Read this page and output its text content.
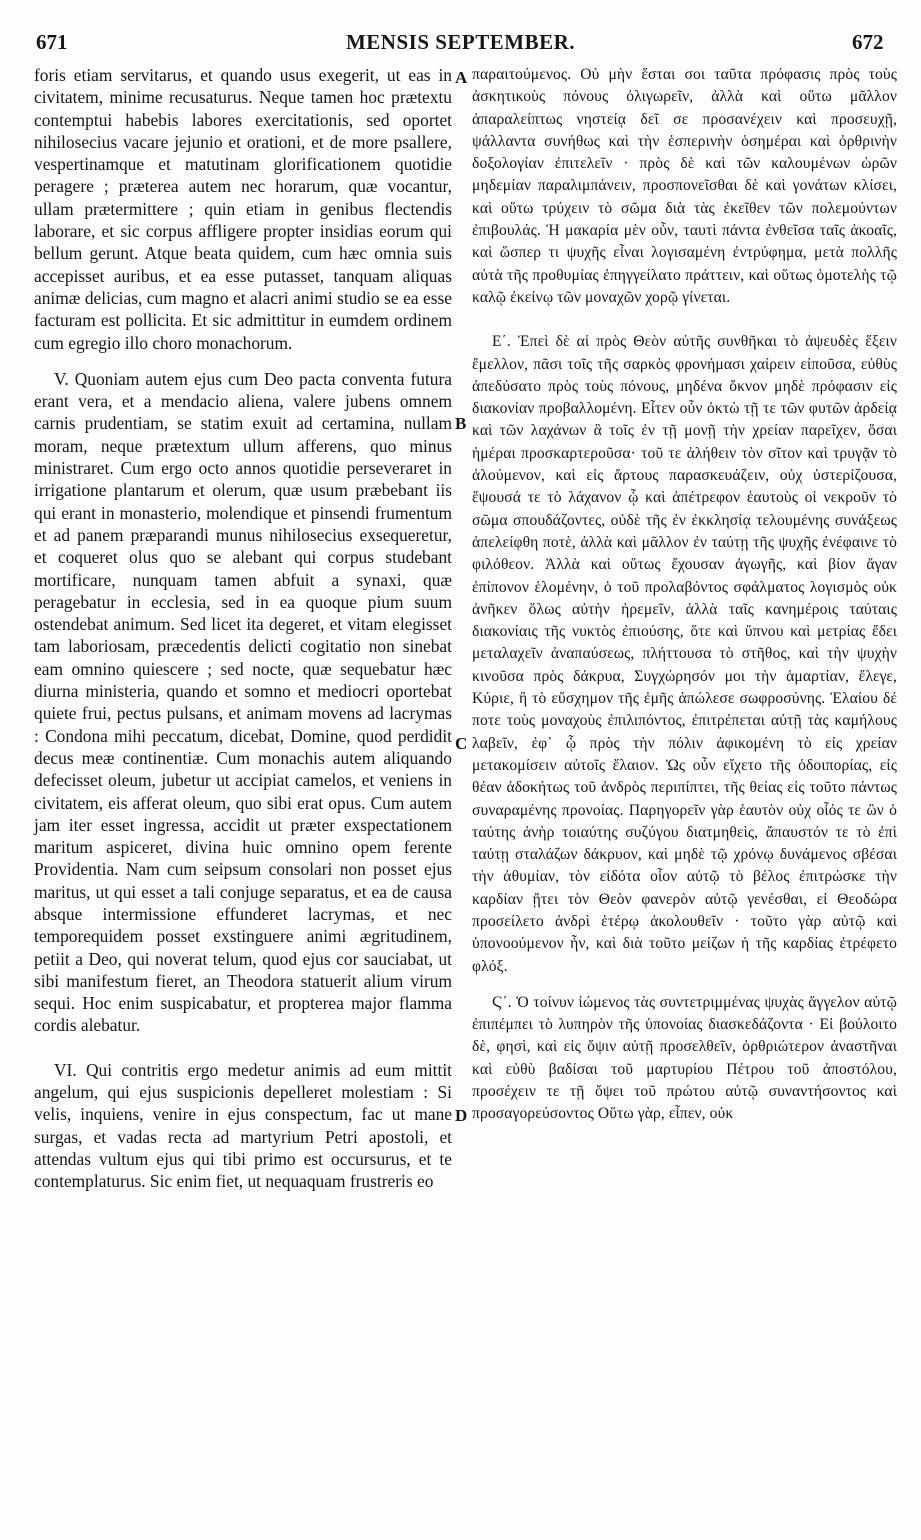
671	MENSIS SEPTEMBER.	672

foris etiam servitarus, et quando usus exegerit, ut eas in civitatem, minime recusaturus. Neque tamen hoc prætextu contemptui habebis labores exercitationis, sed oportet nihilosecius vacare jejunio et orationi, et de more psallere, vespertinamque et matutinam glorificationem quotidie peragere ; præterea autem nec horarum, quæ vocantur, ullam prætermittere ; quin etiam in genibus flectendis laborare, et sic corpus affligere propter insidias eorum qui bellum gerunt. Atque beata quidem, cum hæc omnia suis accepisset auribus, et ea esse putasset, tanquam aliquas animæ delicias, cum magno et alacri animi studio se ea esse facturam est pollicita. Et sic admittitur in eumdem ordinem cum egregio illo choro monachorum.

V. Quoniam autem ejus cum Deo pacta conventa futura erant vera, et a mendacio aliena, valere jubens omnem carnis prudentiam, se statim exuit ad certamina, nullam moram, neque prætextum ullum afferens, quo minus ministraret. Cum ergo octo annos quotidie perseveraret in irrigatione plantarum et olerum, quæ usum præbebant iis qui erant in monasterio, molendique et pinsendi frumentum et ad panem præparandi munus nihilosecius exsequeretur, et coqueret olus quo se alebant qui corpus studebant mortificare, nunquam tamen abfuit a synaxi, quæ peragebatur in ecclesia, sed in ea quoque pium suum ostendebat animum. Sed licet ita degeret, et vitam elegisset tam laboriosam, præcedentis delicti cogitatio non sinebat eam omnino quiescere ; sed nocte, quæ sequebatur hæc diurna ministeria, quando et somno et mediocri oportebat quiete frui, pectus pulsans, et animam movens ad lacrymas : Condona mihi peccatum, dicebat, Domine, quod perdidit decus meæ continentiæ. Cum monachis autem aliquando defecisset oleum, jubetur ut accipiat camelos, et veniens in civitatem, eis afferat oleum, quo sibi erat opus. Cum autem jam iter esset ingressa, accidit ut præter exspectationem maritum aspiceret, divina huic omnino opem ferente Providentia. Nam cum seipsum consolari non posset ejus maritus, ut qui esset a tali conjuge separatus, et ea de causa absque intermissione effunderet lacrymas, et nec temporequidem posset exstinguere animi ægritudinem, petiit a Deo, qui noverat telum, quod ejus cor sauciabat, ut sibi manifestum fieret, an Theodora statuerit alium virum sequi. Hoc enim suspicabatur, et propterea major flamma cordis alebatur.

VI. Qui contritis ergo medetur animis ad eum mittit angelum, qui ejus suspicionis depelleret molestiam : Si velis, inquiens, venire in ejus conspectum, fac ut mane surgas, et vadas recta ad martyrium Petri apostoli, et attendas vultum ejus qui tibi primo est occursurus, et te contemplaturus. Sic enim fiet, ut nequaquam frustreris eo

A
B
C
D

παραιτούμενος. Οὐ μὴν ἔσται σοι ταῦτα πρόφασις πρὸς τοὺς ἀσκητικοὺς πόνους ὀλιγωρεῖν, ἀλλὰ καὶ οὕτω μᾶλλον ἀπαραλείπτως νηστείᾳ δεῖ σε προσανέχειν καὶ προσευχῇ, ψάλλαντα συνήθως καὶ τὴν ἑσπερινὴν ὁσημέραι καὶ ὀρθρινὴν δοξολογίαν ἐπιτελεῖν · πρὸς δὲ καὶ τῶν καλουμένων ὡρῶν μηδεμίαν παραλιμπάνειν, προσπονεῖσθαι δὲ καὶ γονάτων κλίσει, καὶ οὕτω τρύχειν τὸ σῶμα διὰ τὰς ἐκεῖθεν τῶν πολεμούντων ἐπιβουλάς. Ἡ μακαρία μὲν οὖν, ταυτὶ πάντα ἐνθεῖσα ταῖς ἀκοαῖς, καὶ ὥσπερ τι ψυχῆς εἶναι λογισαμένη ἐντρύφημα, μετὰ πολλῆς αὐτὰ τῆς προθυμίας ἐπηγγείλατο πράττειν, καὶ οὕτως ὁμοτελὴς τῷ καλῷ ἐκείνῳ τῶν μοναχῶν χορῷ γίνεται.

Ε΄. Ἐπεὶ δὲ αἱ πρὸς Θεὸν αὐτῆς συνθῆκαι τὸ ἀψευδὲς ἕξειν ἔμελλον, πᾶσι τοῖς τῆς σαρκὸς φρονήμασι χαίρειν εἰποῦσα, εὐθὺς ἀπεδύσατο πρὸς τοὺς πόνους, μηδένα ὄκνον μηδὲ πρόφασιν εἰς διακονίαν προβαλλομένη. Εἶτεν οὖν ὀκτὼ τῇ τε τῶν φυτῶν ἀρδείᾳ καὶ τῶν λαχάνων ἃ τοῖς ἐν τῇ μονῇ τὴν χρείαν παρεῖχεν, ὅσαι ἡμέραι προσκαρτεροῦσα· τοῦ τε ἀλήθειν τὸν σῖτον καὶ τρυγᾷν τὸ ἀλούμενον, καὶ εἰς ἄρτους παρασκευάζειν, οὐχ ὑστερίζουσα, ἕψουσά τε τὸ λάχανον ᾧ καὶ ἀπέτρεφον ἑαυτοὺς οἱ νεκροῦν τὸ σῶμα σπουδάζοντες, οὐδὲ τῆς ἐν ἐκκλησίᾳ τελουμένης συνάξεως ἀπελείφθη ποτὲ, ἀλλὰ καὶ μᾶλλον ἐν ταύτῃ τῆς ψυχῆς ἐνέφαινε τὸ φιλόθεον. Ἀλλὰ καὶ οὕτως ἔχουσαν ἀγωγῆς, καὶ βίον ἄγαν ἐπίπονον ἑλομένην, ὁ τοῦ προλαβόντος σφάλματος λογισμὸς οὐκ ἀνῆκεν ὅλως αὐτὴν ἠρεμεῖν, ἀλλὰ ταῖς κανημέροις ταύταις διακονίαις τῆς νυκτὸς ἐπιούσης, ὅτε καὶ ὕπνου καὶ μετρίας ἔδει μεταλαχεῖν ἀναπαύσεως, πλήττουσα τὸ στῆθος, καὶ τὴν ψυχὴν κινοῦσα πρὸς δάκρυα, Συγχώρησόν μοι τὴν ἁμαρτίαν, ἔλεγε, Κύριε, ἣ τὸ εὔσχημον τῆς ἐμῆς ἀπώλεσε σωφροσύνης. Ἐλαίου δέ ποτε τοὺς μοναχοὺς ἐπιλιπόντος, ἐπιτρέπεται αὐτῇ τὰς καμήλους λαβεῖν, ἐφ᾽ ᾧ πρὸς τὴν πόλιν ἀφικομένη τὸ εἰς χρείαν μετακομίσειν αὐτοῖς ἔλαιον. Ὡς οὖν εἴχετο τῆς ὁδοιπορίας, εἰς θέαν ἀδοκήτως τοῦ ἀνδρὸς περιπίπτει, τῆς θείας εἰς τοῦτο πάντως συναραμένης προνοίας. Παρηγορεῖν γὰρ ἑαυτὸν οὐχ οἷός τε ὢν ὁ ταύτης ἀνὴρ τοιαύτης συζύγου διατμηθεὶς, ἄπαυστόν τε τὸ ἐπὶ ταύτῃ σταλάζων δάκρυον, καὶ μηδὲ τῷ χρόνῳ δυνάμενος σβέσαι τὴν ἀθυμίαν, τὸν εἰδότα οἷον αὐτῷ τὸ βέλος ἐπιτρώσκε τὴν καρδίαν ᾔτει τὸν Θεὸν φανερὸν αὐτῷ γενέσθαι, εἰ Θεοδώρα προσείλετο ἀνδρὶ ἑτέρῳ ἀκολουθεῖν · τοῦτο γὰρ αὐτῷ καὶ ὑπονοούμενον ἦν, καὶ διὰ τοῦτο μείζων ἡ τῆς καρδίας ἐτρέφετο φλόξ.

Ϛ΄. Ὁ τοίνυν ἰώμενος τὰς συντετριμμένας ψυχὰς ἄγγελον αὐτῷ ἐπιπέμπει τὸ λυπηρὸν τῆς ὑπονοίας διασκεδάζοντα · Εἰ βούλοιτο δὲ, φησὶ, καὶ εἰς ὄψιν αὐτῇ προσελθεῖν, ὀρθριώτερον ἀναστῆναι καὶ εὐθὺ βαδίσαι τοῦ μαρτυρίου Πέτρου τοῦ ἀποστόλου, προσέχειν τε τῇ ὄψει τοῦ πρώτου αὐτῷ συναντήσοντος καὶ προσαγορεύσοντος Οὕτω γὰρ, εἶπεν, οὐκ
